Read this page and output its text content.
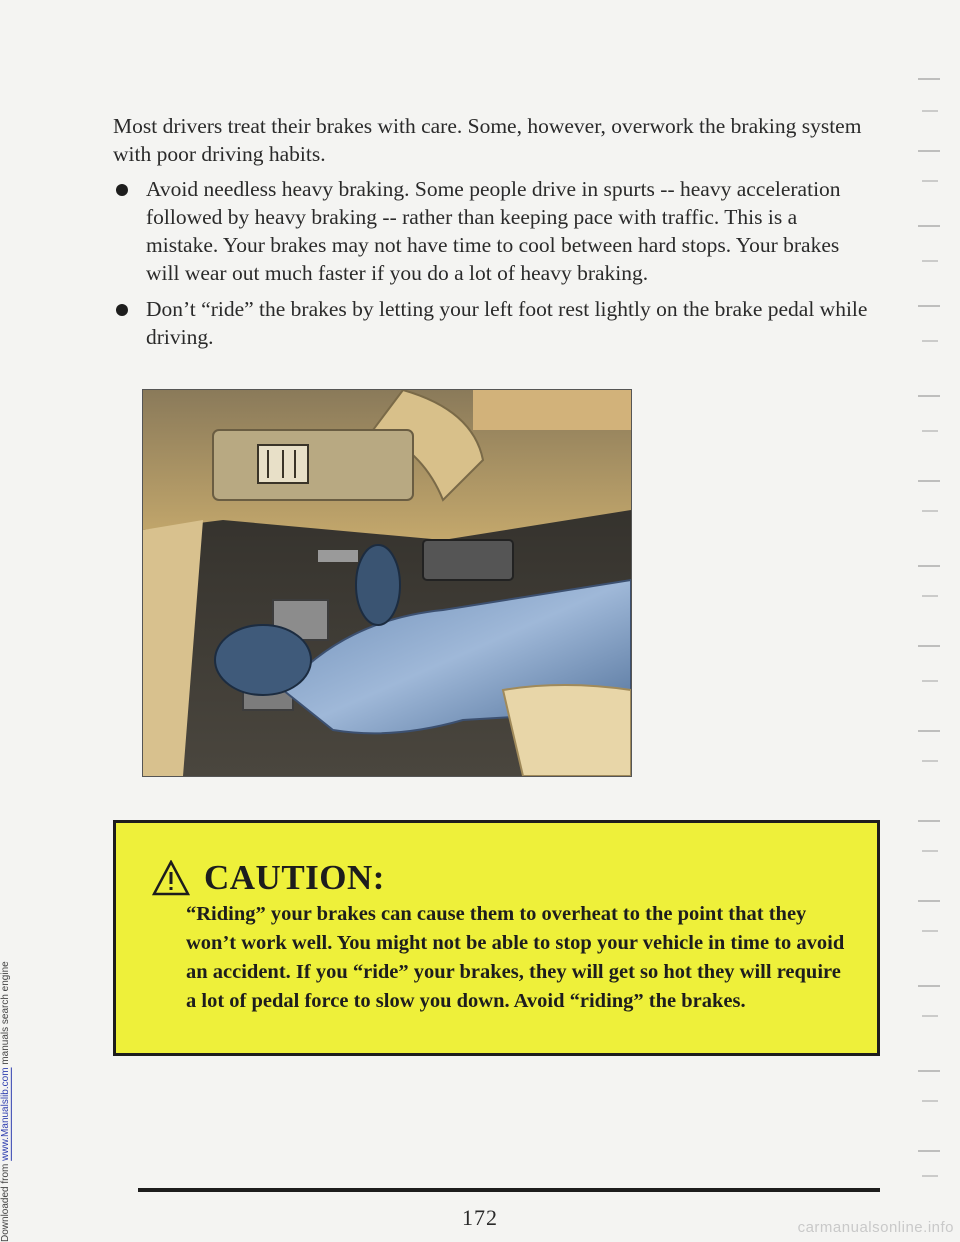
Downloaded from www.Manualslib.com manuals search engine

Most drivers treat their brakes with care. Some, however, overwork the braking system with poor driving habits.

Avoid needless heavy braking. Some people drive in spurts -- heavy acceleration followed by heavy braking -- rather than keeping pace with traffic. This is a mistake. Your brakes may not have time to cool between hard stops. Your brakes will wear out much faster if you do a lot of heavy braking.
Don’t “ride” the brakes by letting your left foot rest lightly on the brake pedal while driving.
CAUTION:

“Riding” your brakes can cause them to overheat to the point that they won’t work well. You might not be able to stop your vehicle in time to avoid an accident. If you “ride” your brakes, they will get so hot they will require a lot of pedal force to slow you down. Avoid “riding” the brakes.

172	carmanualsonline.info
